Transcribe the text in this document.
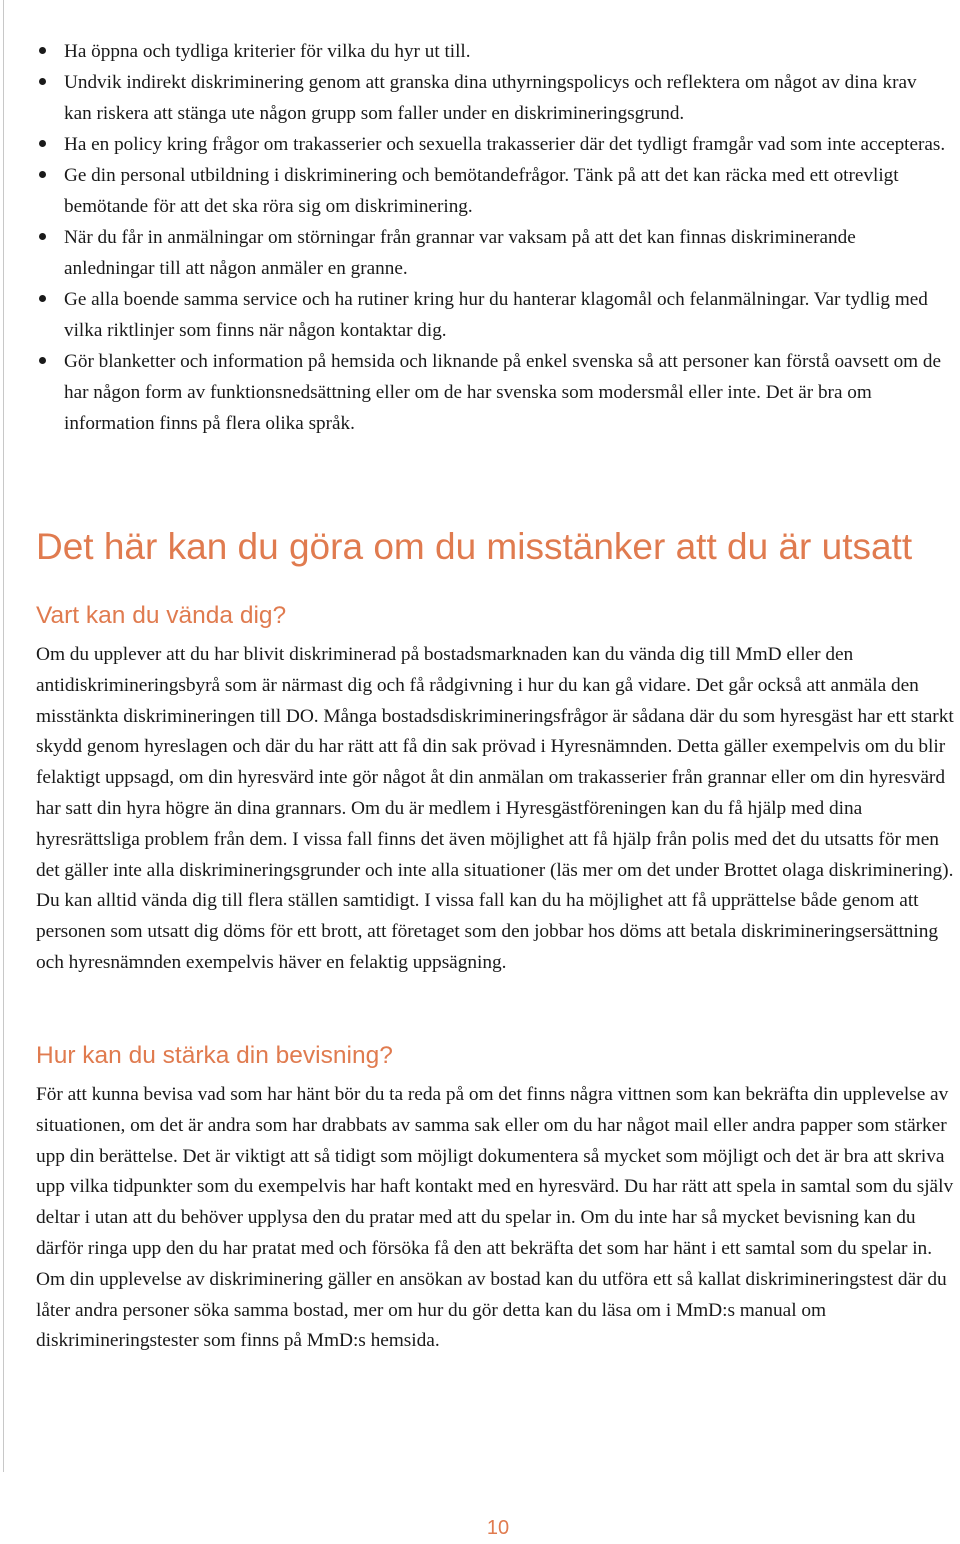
Ha öppna och tydliga kriterier för vilka du hyr ut till.
Undvik indirekt diskriminering genom att granska dina uthyrningspolicys och reflektera om något av dina krav kan riskera att stänga ute någon grupp som faller under en diskrimineringsgrund.
Ha en policy kring frågor om trakasserier och sexuella trakasserier där det tydligt framgår vad som inte accepteras.
Ge din personal utbildning i diskriminering och bemötandefrågor. Tänk på att det kan räcka med ett otrevligt bemötande för att det ska röra sig om diskriminering.
När du får in anmälningar om störningar från grannar var vaksam på att det kan finnas diskriminerande anledningar till att någon anmäler en granne.
Ge alla boende samma service och ha rutiner kring hur du hanterar klagomål och felanmälningar. Var tydlig med vilka riktlinjer som finns när någon kontaktar dig.
Gör blanketter och information på hemsida och liknande på enkel svenska så att personer kan förstå oavsett om de har någon form av funktionsnedsättning eller om de har svenska som modersmål eller inte. Det är bra om information finns på flera olika språk.
Det här kan du göra om du misstänker att du är utsatt
Vart kan du vända dig?

Om du upplever att du har blivit diskriminerad på bostadsmarknaden kan du vända dig till MmD eller den antidiskrimineringsbyrå som är närmast dig och få rådgivning i hur du kan gå vidare. Det går också att anmäla den misstänkta diskrimineringen till DO. Många bostadsdiskrimineringsfrågor är sådana där du som hyresgäst har ett starkt skydd genom hyreslagen och där du har rätt att få din sak prövad i Hyresnämnden. Detta gäller exempelvis om du blir felaktigt uppsagd, om din hyresvärd inte gör något åt din anmälan om trakasserier från grannar eller om din hyresvärd har satt din hyra högre än dina grannars. Om du är medlem i Hyresgästföreningen kan du få hjälp med dina hyresrättsliga problem från dem. I vissa fall finns det även möjlighet att få hjälp från polis med det du utsatts för men det gäller inte alla diskrimineringsgrunder och inte alla situationer (läs mer om det under Brottet olaga diskriminering). Du kan alltid vända dig till flera ställen samtidigt. I vissa fall kan du ha möjlighet att få upprättelse både genom att personen som utsatt dig döms för ett brott, att företaget som den jobbar hos döms att betala diskrimineringsersättning och hyresnämnden exempelvis häver en felaktig uppsägning.

Hur kan du stärka din bevisning?

För att kunna bevisa vad som har hänt bör du ta reda på om det finns några vittnen som kan bekräfta din upplevelse av situationen, om det är andra som har drabbats av samma sak eller om du har något mail eller andra papper som stärker upp din berättelse. Det är viktigt att så tidigt som möjligt dokumentera så mycket som möjligt och det är bra att skriva upp vilka tidpunkter som du exempelvis har haft kontakt med en hyresvärd. Du har rätt att spela in samtal som du själv deltar i utan att du behöver upplysa den du pratar med att du spelar in. Om du inte har så mycket bevisning kan du därför ringa upp den du har pratat med och försöka få den att bekräfta det som har hänt i ett samtal som du spelar in. Om din upplevelse av diskriminering gäller en ansökan av bostad kan du utföra ett så kallat diskrimineringstest där du låter andra personer söka samma bostad, mer om hur du gör detta kan du läsa om i MmD:s manual om diskrimineringstester som finns på MmD:s hemsida.

10
